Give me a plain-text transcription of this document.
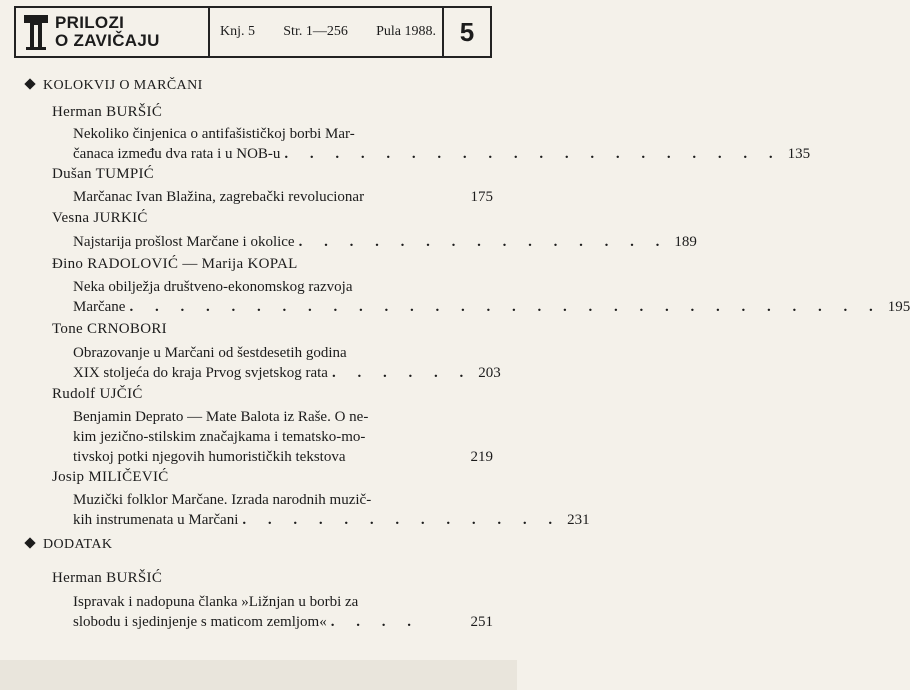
PRILOZI
O ZAVIČAJU	Knj. 5 Str. 1—256 Pula 1988. 5
KOLOKVIJ O MARČANI
Herman BURŠIĆ
Nekoliko činjenica o antifašističkoj borbi Mar-
čanaca između dva rata i u NOB-u . . . . . . . . . . . . . . . . . . . . 135
Dušan TUMPIĆ
Marčanac Ivan Blažina, zagrebački revolucionar	175
Vesna JURKIĆ
Najstarija prošlost Marčane i okolice . . . . . . . . . . . . . . . 189
Đino RADOLOVIĆ — Marija KOPAL
Neka obilježja društveno-ekonomskog razvoja
Marčane . . . . . . . . . . . . . . . . . . . . . . . . . . . . . . 195
Tone CRNOBORI
Obrazovanje u Marčani od šestdesetih godina
XIX stoljeća do kraja Prvog svjetskog rata . . . . . . 203
Rudolf UJČIĆ
Benjamin Deprato — Mate Balota iz Raše. O ne-
kim jezično-stilskim značajkama i tematsko-mo-
tivskoj potki njegovih humorističkih tekstova	219
Josip MILIČEVIĆ
Muzički folklor Marčane. Izrada narodnih muzič-
kih instrumenata u Marčani . . . . . . . . . . . . . 231
DODATAK
Herman BURŠIĆ
Ispravak i nadopuna članka »Ližnjan u borbi za
slobodu i sjedinjenje s maticom zemljom« . . . .	251
